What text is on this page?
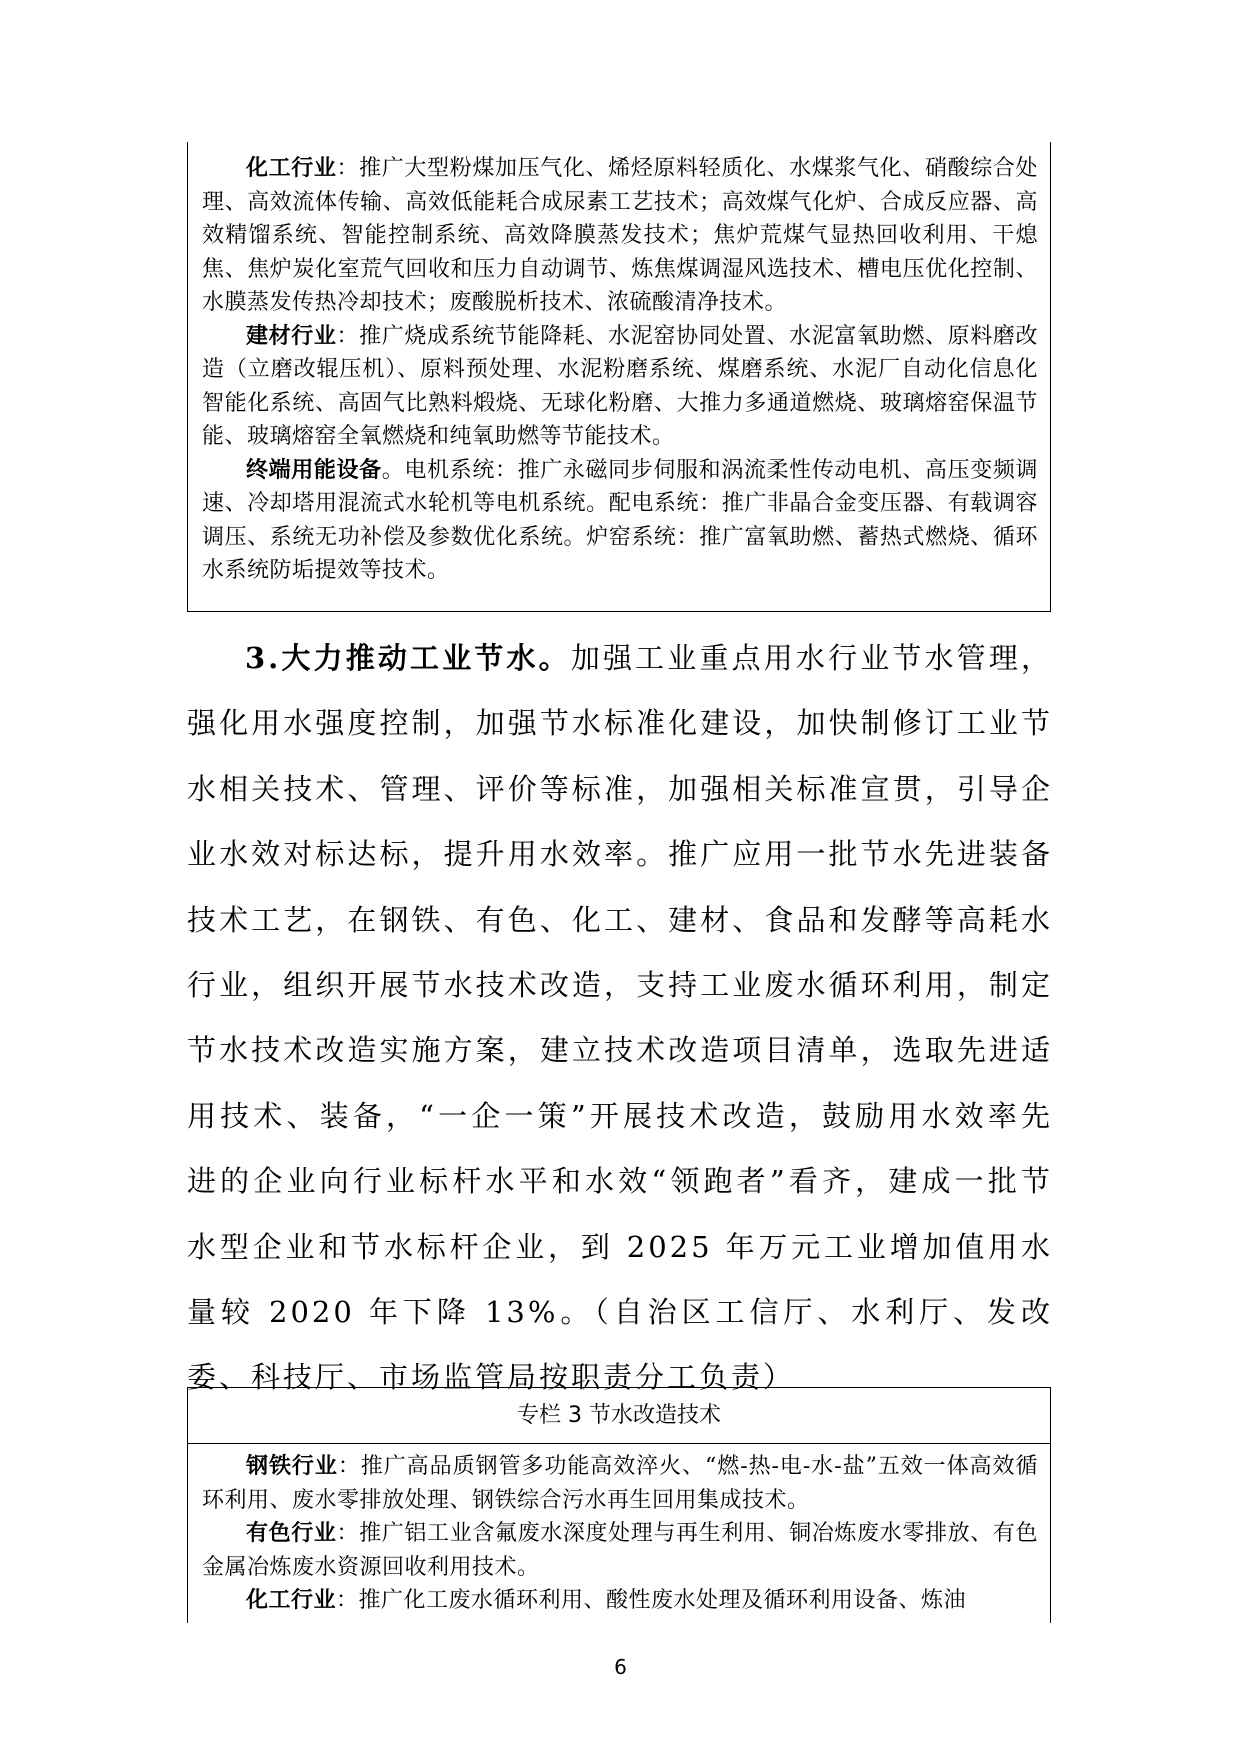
化工行业：推广大型粉煤加压气化、烯烃原料轻质化、水煤浆气化、硝酸综合处理、高效流体传输、高效低能耗合成尿素工艺技术；高效煤气化炉、合成反应器、高效精馏系统、智能控制系统、高效降膜蒸发技术；焦炉荒煤气显热回收利用、干熄焦、焦炉炭化室荒气回收和压力自动调节、炼焦煤调湿风选技术、槽电压优化控制、水膜蒸发传热冷却技术；废酸脱析技术、浓硫酸清净技术。

建材行业：推广烧成系统节能降耗、水泥窑协同处置、水泥富氧助燃、原料磨改造（立磨改辊压机）、原料预处理、水泥粉磨系统、煤磨系统、水泥厂自动化信息化智能化系统、高固气比熟料煅烧、无球化粉磨、大推力多通道燃烧、玻璃熔窑保温节能、玻璃熔窑全氧燃烧和纯氧助燃等节能技术。

终端用能设备。电机系统：推广永磁同步伺服和涡流柔性传动电机、高压变频调速、冷却塔用混流式水轮机等电机系统。配电系统：推广非晶合金变压器、有载调容调压、系统无功补偿及参数优化系统。炉窑系统：推广富氧助燃、蓄热式燃烧、循环水系统防垢提效等技术。

3.大力推动工业节水。加强工业重点用水行业节水管理，强化用水强度控制，加强节水标准化建设，加快制修订工业节水相关技术、管理、评价等标准，加强相关标准宣贯，引导企业水效对标达标，提升用水效率。推广应用一批节水先进装备技术工艺，在钢铁、有色、化工、建材、食品和发酵等高耗水行业，组织开展节水技术改造，支持工业废水循环利用，制定节水技术改造实施方案，建立技术改造项目清单，选取先进适用技术、装备，“一企一策”开展技术改造，鼓励用水效率先进的企业向行业标杆水平和水效“领跑者”看齐，建成一批节水型企业和节水标杆企业，到 2025 年万元工业增加值用水量较 2020 年下降 13%。（自治区工信厅、水利厅、发改委、科技厅、市场监管局按职责分工负责）

专栏 3 节水改造技术

钢铁行业：推广高品质钢管多功能高效淬火、“燃-热-电-水-盐”五效一体高效循环利用、废水零排放处理、钢铁综合污水再生回用集成技术。

有色行业：推广铝工业含氟废水深度处理与再生利用、铜冶炼废水零排放、有色金属冶炼废水资源回收利用技术。

化工行业：推广化工废水循环利用、酸性废水处理及循环利用设备、炼油

6
